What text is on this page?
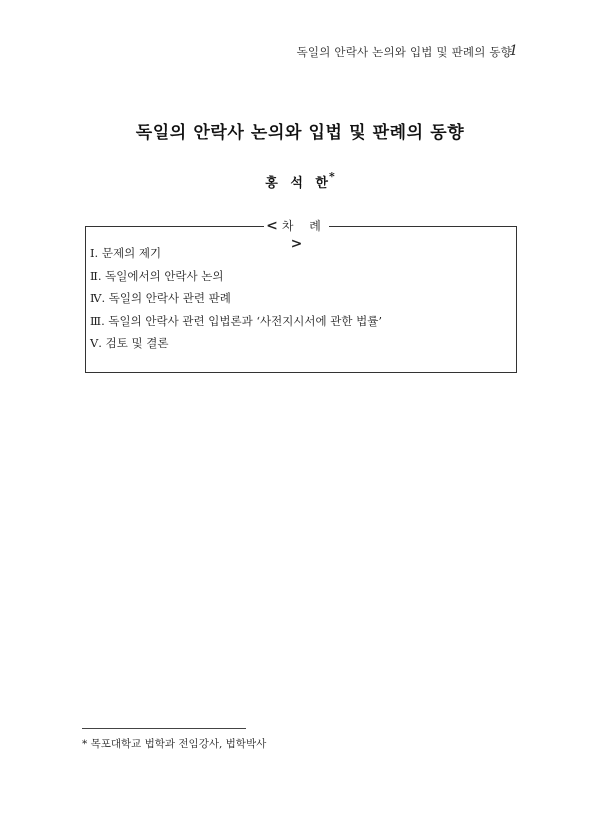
독일의 안락사 논의와 입법 및 판례의 동향
1
독일의 안락사 논의와 입법 및 판례의 동향
홍 석 한*
< 차 례>
Ⅰ. 문제의 제기
Ⅱ. 독일에서의 안락사 논의
Ⅳ. 독일의 안락사 관련 판례
Ⅲ. 독일의 안락사 관련 입법론과 ‘사전지시서에 관한 법률’
Ⅴ. 검토 및 결론
* 목포대학교 법학과 전임강사, 법학박사
